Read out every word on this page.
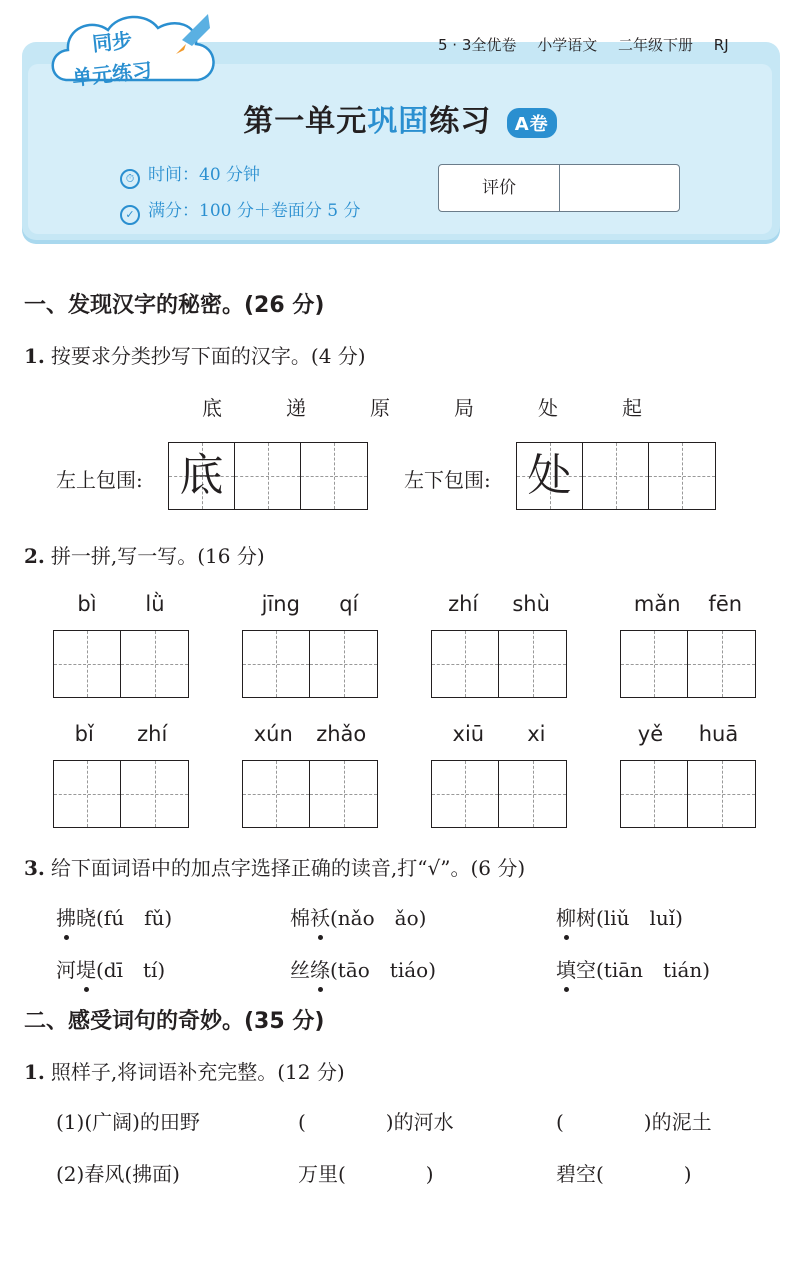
同步
单元练习
5 · 3全优卷 小学语文 二年级下册 RJ
第一单元巩固练习 A卷
⏱ 时间：40 分钟
✓ 满分：100 分＋卷面分 5 分
评价
一、发现汉字的秘密。(26 分)
1. 按要求分类抄写下面的汉字。(4 分)
底	递	原	局	处	起
左上包围: 底	左下包围: 处
2. 拼一拼,写一写。(16 分)
bì lǜ	jīng qí	zhí shù	mǎn fēn
bǐ zhí	xún zhǎo	xiū xi	yě huā
3. 给下面词语中的加点字选择正确的读音,打“√”。(6 分)
拂晓(fú　fǔ)	棉袄(nǎo　ǎo)	柳树(liǔ　luǐ)
河堤(dī　tí)	丝绦(tāo　tiáo)	填空(tiān　tián)
二、感受词句的奇妙。(35 分)
1. 照样子,将词语补充完整。(12 分)
(1)(广阔)的田野	(　　　　)的河水	(　　　　)的泥土
(2)春风(拂面)	万里(　　　　)	碧空(　　　　)
